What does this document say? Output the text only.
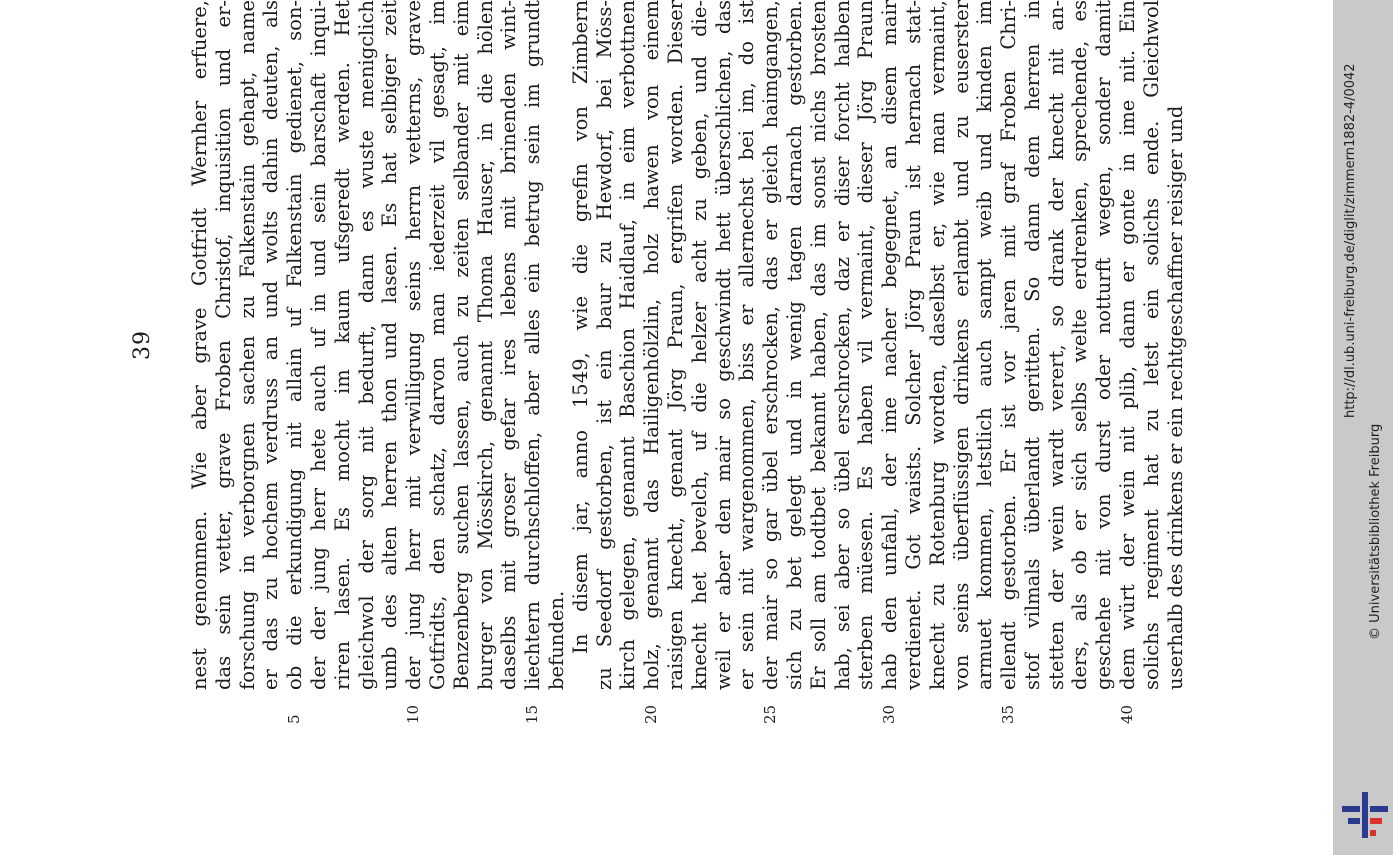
39 nest genommen. Wie aber grave Gotfridt Wernher erfuere, das sein vetter, grave Froben Christof, inquisition und er- forschung in verborgnen sachen zu Falkenstain gehapt, name er das zu hochem verdruss an und wolts dahin deuten, als
5
ob die erkundigung nit allain uf Falkenstain gedienet, son- der der jung herr hete auch uf in und sein barschaft inqui- riren lasen. Es mocht im kaum ufsgeredt werden. Het gleichwol der sorg nit bedurft, dann es wuste menigclich umb des alten herren thon und lasen. Es hat selbiger zeit
10
der jung herr mit verwilligung seins herrn vetterns, grave Gotfridts, den schatz, darvon man iederzeit vil gesagt, im Benzenberg suchen lassen, auch zu zeiten selbander mit eim burger von Mösskirch, genannt Thoma Hauser, in die hölen daselbs mit groser gefar ires lebens mit brinenden wint-
15
liechtern durchschloffen, aber alles ein betrug sein im grundt befunden. In disem jar, anno 1549, wie die grefin von Zimbern zu Seedorf gestorben, ist ein baur zu Hewdorf, bei Möss- kirch gelegen, genannt Baschion Haidlauf, in eim verbottnen
20
holz, genannt das Hailigenhölzlin, holz hawen von einem raisigen knecht, genant Jörg Praun, ergrifen worden. Dieser knecht het bevelch, uf die helzer acht zu geben, und die- weil er aber den mair so geschwindt hett überschlichen, das er sein nit wargenommen, biss er allernechst bei im, do ist
25
der mair so gar übel erschrocken, das er gleich haimgangen, sich zu bet gelegt und in wenig tagen darnach gestorben. Er soll am todtbet bekannt haben, das im sonst nichs brosten hab, sei aber so übel erschrocken, daz er diser forcht halben sterben müesen. Es haben vil vermaint, dieser Jörg Praun
30
hab den unfahl, der ime nacher begegnet, an disem mair verdienet. Got waists. Solcher Jörg Praun ist hernach stat- knecht zu Rotenburg worden, daselbst er, wie man vermaint, von seins überflüssigen drinkens erlambt und zu euserster armuet kommen, letstlich auch sampt weib und kinden im
35
ellendt gestorben. Er ist vor jaren mit graf Froben Chri- stof vilmals überlandt geritten. So dann dem herren in stetten der wein wardt verert, so drank der knecht nit an- ders, als ob er sich selbs welte erdrenken, sprechende, es geschehe nit von durst oder notturft wegen, sonder damit
40
dem würt der wein nit plib, dann er gonte in ime nit. Ein solichs regiment hat zu letst ein solichs ende. Gleichwol userhalb des drinkens er ein rechtgeschaffner reisiger und	http://dl.ub.uni-freiburg.de/diglit/zimmern1882-4/0042
© Universitätsbibliothek Freiburg
